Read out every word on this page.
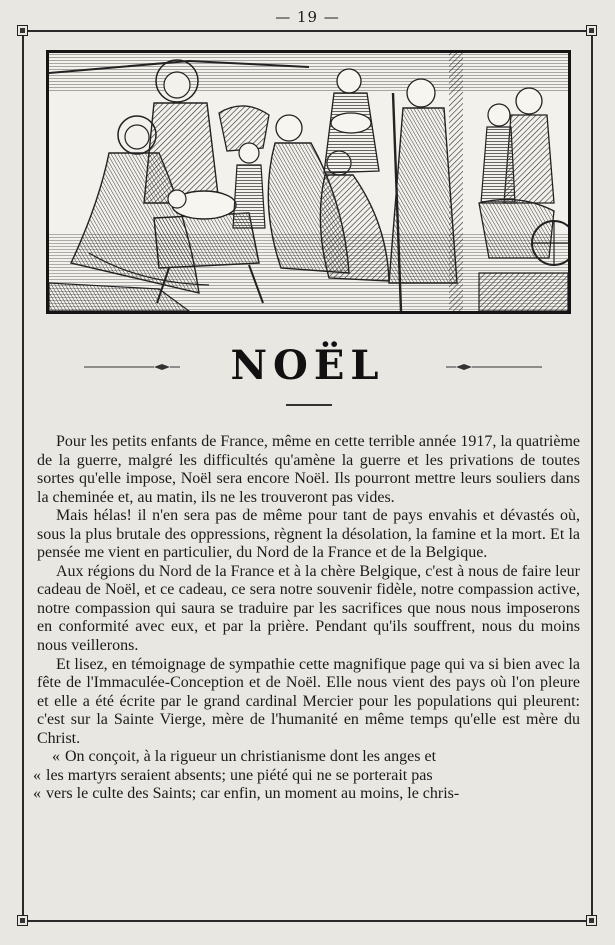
— 19 —
NOËL

Pour les petits enfants de France, même en cette terrible année 1917, la quatrième de la guerre, malgré les difficultés qu'amène la guerre et les privations de toutes sortes qu'elle impose, Noël sera encore Noël. Ils pourront mettre leurs souliers dans la cheminée et, au matin, ils ne les trouveront pas vides.

Mais hélas! il n'en sera pas de même pour tant de pays envahis et dévastés où, sous la plus brutale des oppressions, règnent la désolation, la famine et la mort. Et la pensée me vient en particulier, du Nord de la France et de la Belgique.

Aux régions du Nord de la France et à la chère Belgique, c'est à nous de faire leur cadeau de Noël, et ce cadeau, ce sera notre souvenir fidèle, notre compassion active, notre compassion qui saura se traduire par les sacrifices que nous nous imposerons en conformité avec eux, et par la prière. Pendant qu'ils souffrent, nous du moins nous veillerons.

Et lisez, en témoignage de sympathie cette magnifique page qui va si bien avec la fête de l'Immaculée-Conception et de Noël. Elle nous vient des pays où l'on pleure et elle a été écrite par le grand cardinal Mercier pour les populations qui pleurent: c'est sur la Sainte Vierge, mère de l'humanité en même temps qu'elle est mère du Christ.

« On conçoit, à la rigueur un christianisme dont les anges et

« les martyrs seraient absents; une piété qui ne se porterait pas

« vers le culte des Saints; car enfin, un moment au moins, le chris-
